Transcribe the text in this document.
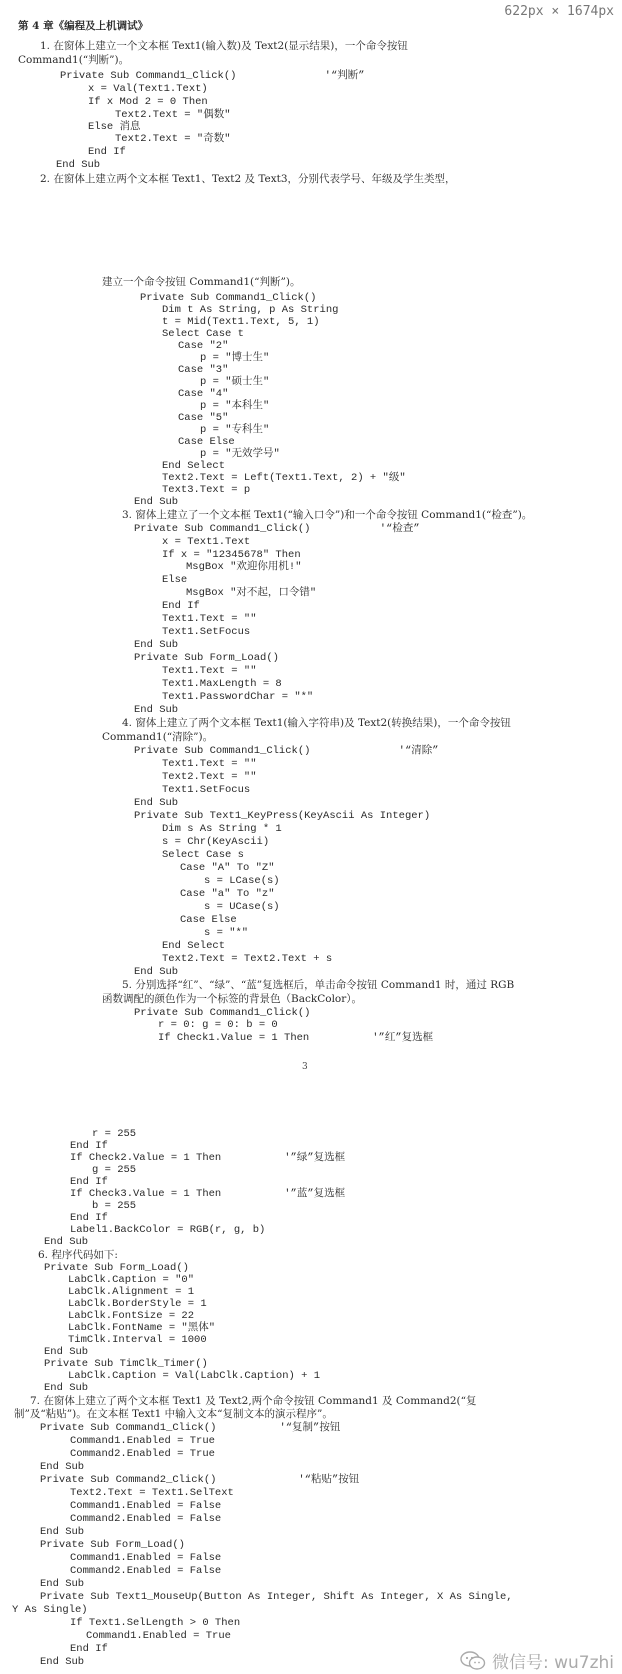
622px × 1674px
第 4 章《编程及上机调试》
1. 在窗体上建立一个文本框 Text1(输入数)及 Text2(显示结果)，一个命令按钮
Command1(“判断”)。
Private Sub Command1_Click()              '“判断”
x = Val(Text1.Text)
If x Mod 2 = 0 Then
Text2.Text = "偶数"
Else 消息
Text2.Text = "奇数"
End If
End Sub
2. 在窗体上建立两个文本框 Text1、Text2 及 Text3，分别代表学号、年级及学生类型，
建立一个命令按钮 Command1(“判断”)。
Private Sub Command1_Click()
Dim t As String, p As String
t = Mid(Text1.Text, 5, 1)
Select Case t
Case "2"
p = "博士生"
Case "3"
p = "硕士生"
Case "4"
p = "本科生"
Case "5"
p = "专科生"
Case Else
p = "无效学号"
End Select
Text2.Text = Left(Text1.Text, 2) + "级"
Text3.Text = p
End Sub
3. 窗体上建立了一个文本框 Text1(“输入口令”)和一个命令按钮 Command1(“检查”)。
Private Sub Command1_Click()           '“检查”
x = Text1.Text
If x = "12345678" Then
MsgBox "欢迎你用机!"
Else
MsgBox "对不起，口令错"
End If
Text1.Text = ""
Text1.SetFocus
End Sub
Private Sub Form_Load()
Text1.Text = ""
Text1.MaxLength = 8
Text1.PasswordChar = "*"
End Sub
4. 窗体上建立了两个文本框 Text1(输入字符串)及 Text2(转换结果)，一个命令按钮
Command1(“清除”)。
Private Sub Command1_Click()              '“清除”
Text1.Text = ""
Text2.Text = ""
Text1.SetFocus
End Sub
Private Sub Text1_KeyPress(KeyAscii As Integer)
Dim s As String * 1
s = Chr(KeyAscii)
Select Case s
Case "A" To "Z"
s = LCase(s)
Case "a" To "z"
s = UCase(s)
Case Else
s = "*"
End Select
Text2.Text = Text2.Text + s
End Sub
5. 分别选择“红”、“绿”、“蓝”复选框后，单击命令按钮 Command1 时，通过 RGB
函数调配的颜色作为一个标签的背景色（BackColor）。
Private Sub Command1_Click()
r = 0: g = 0: b = 0
If Check1.Value = 1 Then          '”红”复选框
r = 255
End If
If Check2.Value = 1 Then          '”绿”复选框
g = 255
End If
If Check3.Value = 1 Then          '”蓝”复选框
b = 255
End If
Label1.BackColor = RGB(r, g, b)
End Sub
6. 程序代码如下:
Private Sub Form_Load()
LabClk.Caption = "0"
LabClk.Alignment = 1
LabClk.BorderStyle = 1
LabClk.FontSize = 22
LabClk.FontName = "黑体"
TimClk.Interval = 1000
End Sub
Private Sub TimClk_Timer()
LabClk.Caption = Val(LabClk.Caption) + 1
End Sub
7. 在窗体上建立了两个文本框 Text1 及 Text2,两个命令按钮 Command1 及 Command2(“复
制”及“粘贴”)。在文本框 Text1 中输入文本“复制文本的演示程序”。
Private Sub Command1_Click()          '“复制”按钮
Command1.Enabled = True
Command2.Enabled = True
End Sub
Private Sub Command2_Click()             '“粘贴”按钮
Text2.Text = Text1.SelText
Command1.Enabled = False
Command2.Enabled = False
End Sub
Private Sub Form_Load()
Command1.Enabled = False
Command2.Enabled = False
End Sub
Private Sub Text1_MouseUp(Button As Integer, Shift As Integer, X As Single,
Y As Single)
If Text1.SelLength > 0 Then
Command1.Enabled = True
End If
End Sub
3
微信号: wu7zhi
